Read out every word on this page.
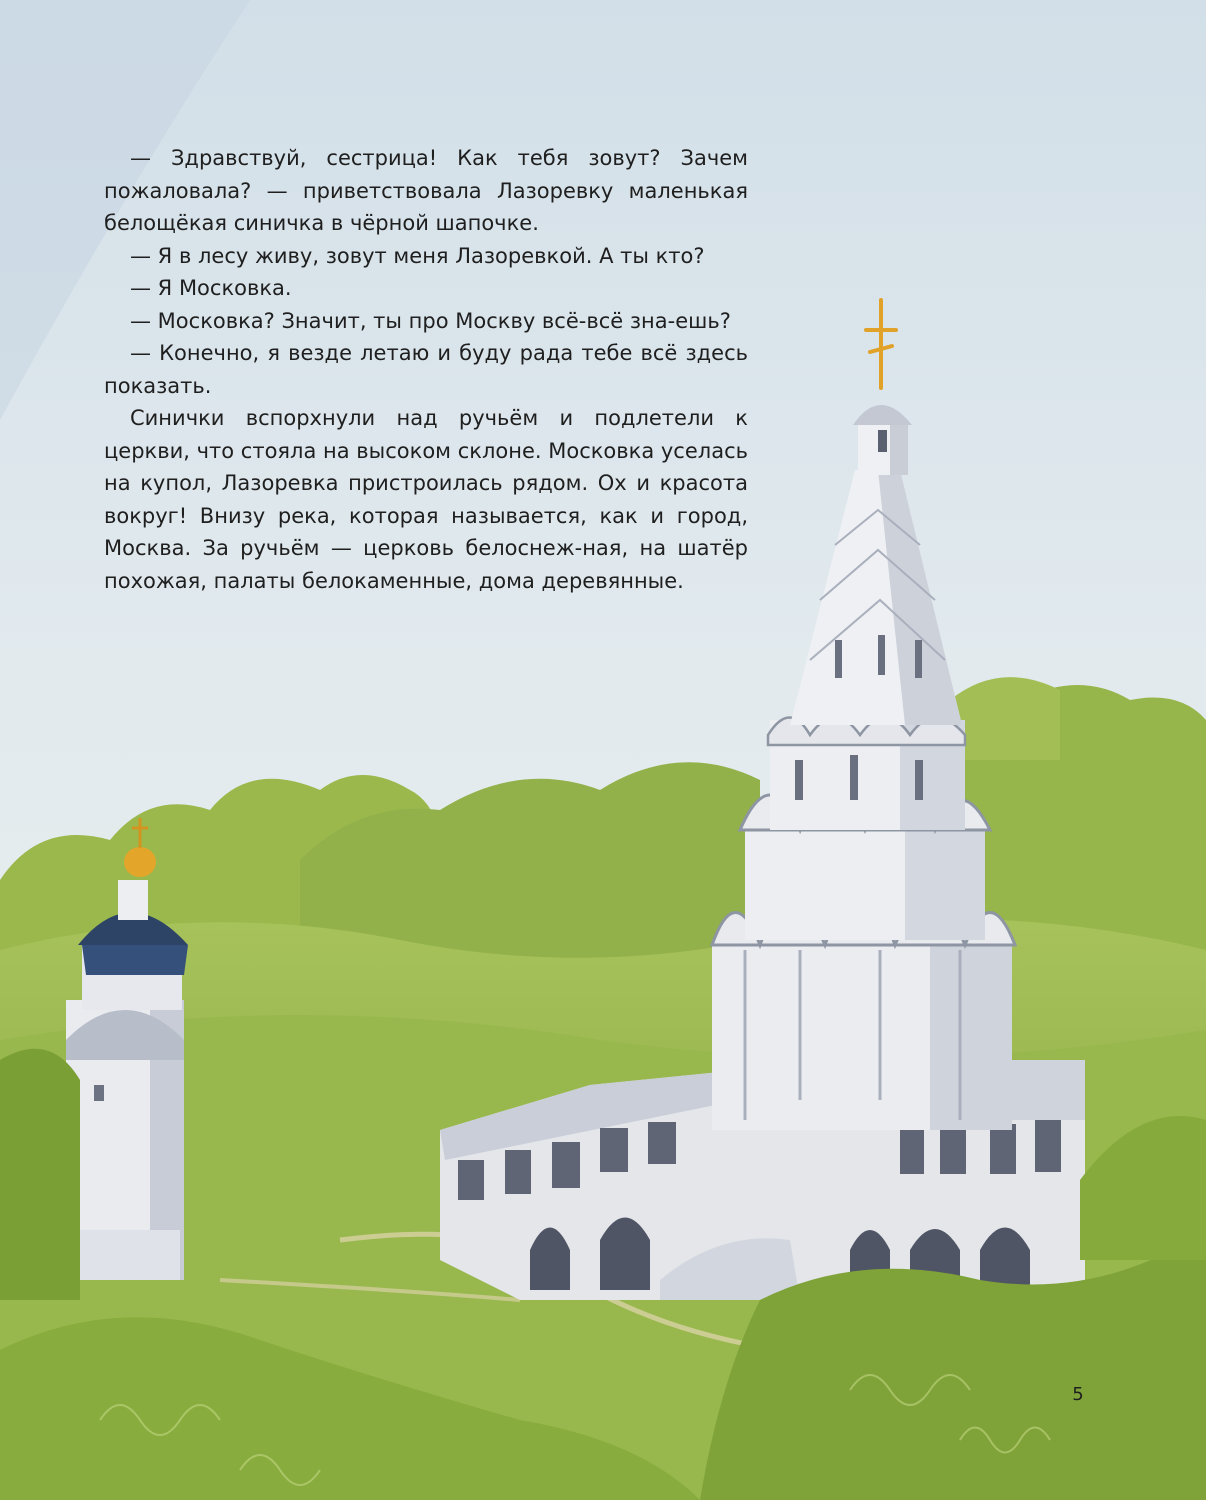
— Здравствуй, сестрица! Как тебя зовут? Зачем пожаловала? — приветствовала Лазоревку маленькая белощёкая синичка в чёрной шапочке.

— Я в лесу живу, зовут меня Лазоревкой. А ты кто?

— Я Московка.

— Московка? Значит, ты про Москву всё-всё зна-ешь?

— Конечно, я везде летаю и буду рада тебе всё здесь показать.

Синички вспорхнули над ручьём и подлетели к церкви, что стояла на высоком склоне. Московка уселась на купол, Лазоревка пристроилась рядом. Ох и красота вокруг! Внизу река, которая называется, как и город, Москва. За ручьём — церковь белоснеж-ная, на шатёр похожая, палаты белокаменные, дома деревянные.

5
